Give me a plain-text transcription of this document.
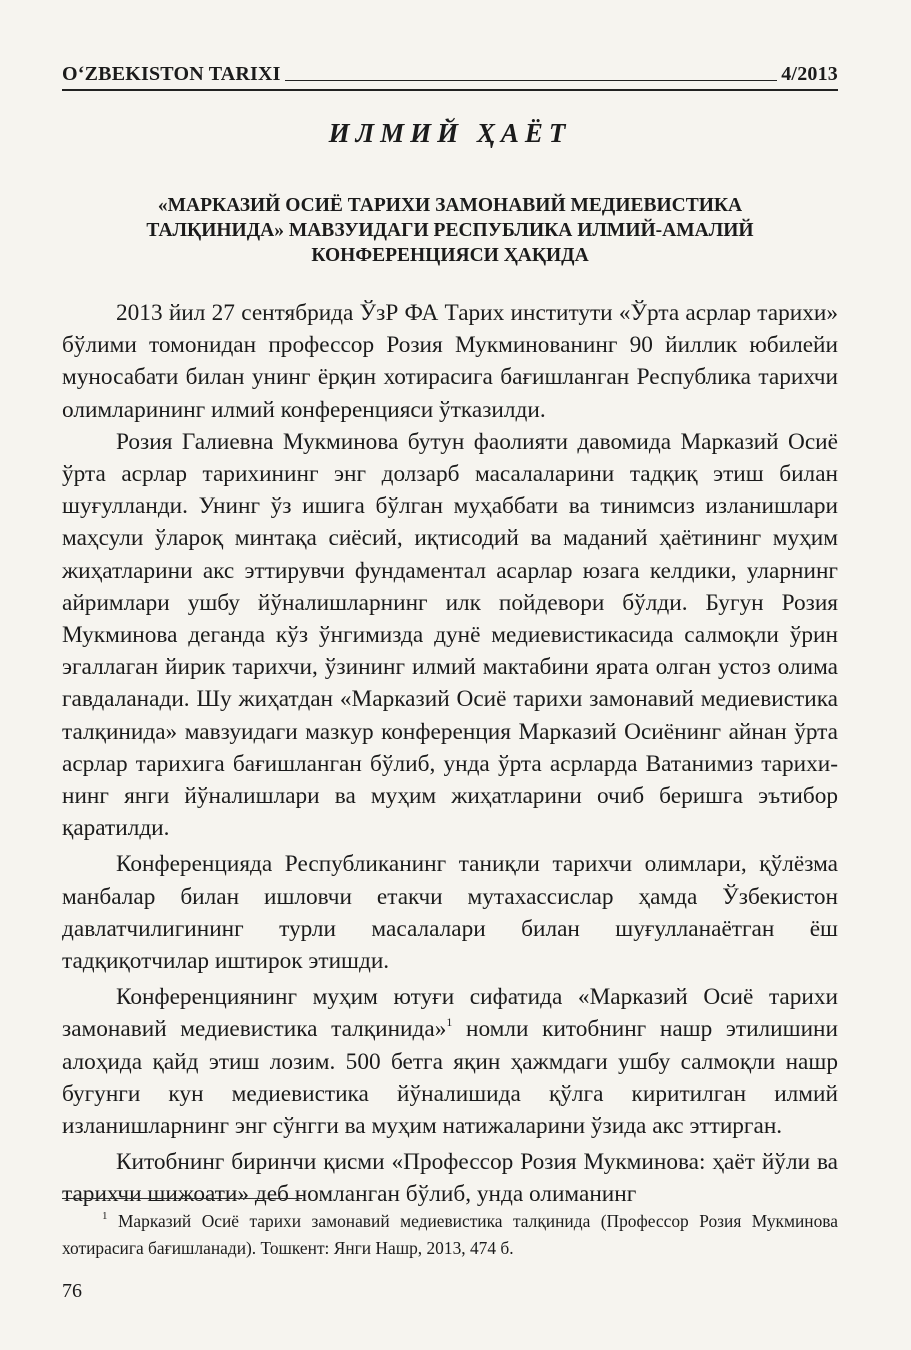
O‘ZBEKISTON TARIXI	4/2013
ИЛМИЙ ҲАЁТ
«МАРКАЗИЙ ОСИЁ ТАРИХИ ЗАМОНАВИЙ МЕДИЕВИСТИКА
ТАЛҚИНИДА» МАВЗУИДАГИ РЕСПУБЛИКА ИЛМИЙ-АМАЛИЙ
КОНФЕРЕНЦИЯСИ ҲАҚИДА

2013 йил 27 сентябрида ЎзР ФА Тарих институти «Ўрта асрлар тарихи» бўлими томонидан профессор Розия Мукминованинг 90 йиллик юбилейи муносабати билан унинг ёрқин хотирасига бағишланган Республика тарихчи олимларининг илмий конференцияси ўтказилди.

Розия Галиевна Мукминова бутун фаолияти давомида Марказий Осиё ўрта асрлар тарихининг энг долзарб масалаларини тадқиқ этиш билан шуғулланди. Унинг ўз ишига бўлган муҳаббати ва тинимсиз изланишлари маҳсули ўларoқ минтақа сиёсий, иқтисодий ва маданий ҳаётининг муҳим жиҳатларини акс эттирувчи фундаментал асарлар юзага келдики, уларнинг айримлари ушбу йўналишларнинг илк пойдевори бўлди. Бугун Розия Мукминова деганда кўз ўнгимизда дунё медиевистикасида салмоқли ўрин эгаллаган йирик тарихчи, ўзининг илмий мактабини ярата олган устоз олима гавдаланади. Шу жиҳатдан «Марказий Осиё тарихи замонавий медиевистика талқинида» мавзуидаги мазкур конференция Марказий Осиёнинг айнан ўрта асрлар тарихига бағишланган бўлиб, унда ўрта асрларда Ватанимиз тарихининг янги йўналишлари ва муҳим жиҳатларини очиб беришга эътибор қаратилди.

Конференцияда Республиканинг таниқли тарихчи олимлари, қўлёзма манбалар билан ишловчи етакчи мутахассислар ҳамда Ўзбекистон давлатчилигининг турли масалалари билан шуғулланаётган ёш тадқиқотчилар иштирок этишди.

Конференциянинг муҳим ютуғи сифатида «Марказий Осиё тарихи замонавий медиевистика талқинида»$^1$ номли китобнинг нашр этилишини алоҳида қайд этиш лозим. 500 бетга яқин ҳажмдаги ушбу салмоқли нашр бугунги кун медиевистика йўналишида қўлга киритилган илмий изланишларнинг энг сўнгги ва муҳим натижаларини ўзида акс эттирган.

Китобнинг биринчи қисми «Профессор Розия Мукминова: ҳаёт йўли ва тарихчи шижоати» деб номланган бўлиб, унда олиманинг

$^1$ Марказий Осиё тарихи замонавий медиевистика талқинида (Профессор Розия Мукминова хотирасига бағишланади). Тошкент: Янги Нашр, 2013, 474 б.
76
